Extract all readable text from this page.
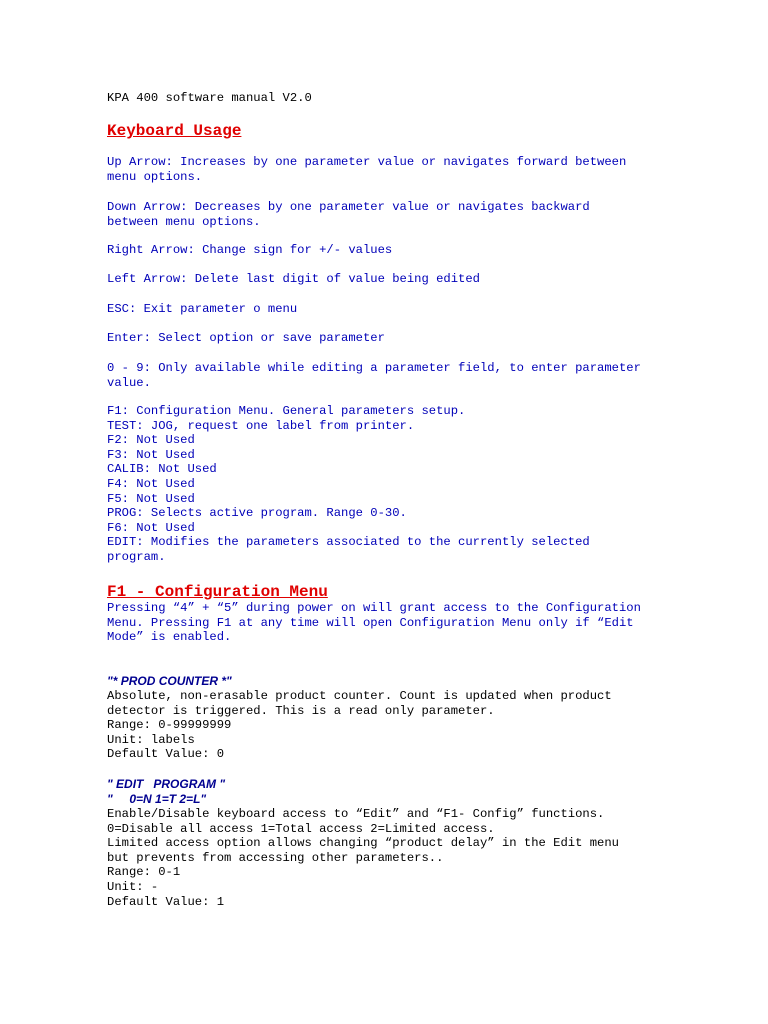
KPA 400 software manual V2.0

Keyboard Usage

Up Arrow: Increases by one parameter value or navigates forward between
menu options.

Down Arrow: Decreases by one parameter value or navigates backward
between menu options.

Right Arrow: Change sign for +/- values

Left Arrow: Delete last digit of value being edited

ESC: Exit parameter o menu

Enter: Select option or save parameter

0 - 9: Only available while editing a parameter field, to enter parameter
value.

F1: Configuration Menu. General parameters setup.
TEST: JOG, request one label from printer.
F2: Not Used
F3: Not Used
CALIB: Not Used
F4: Not Used
F5: Not Used
PROG: Selects active program. Range 0-30.
F6: Not Used
EDIT: Modifies the parameters associated to the currently selected
program.

F1 - Configuration Menu

Pressing “4” + “5” during power on will grant access to the Configuration
Menu. Pressing F1 at any time will open Configuration Menu only if “Edit
Mode” is enabled.

"* PROD COUNTER *"

Absolute, non-erasable product counter. Count is updated when product
detector is triggered. This is a read only parameter.
Range: 0-99999999
Unit: labels
Default Value: 0

" EDIT   PROGRAM "
"     0=N 1=T 2=L"

Enable/Disable keyboard access to “Edit” and “F1- Config” functions.
0=Disable all access 1=Total access 2=Limited access.
Limited access option allows changing “product delay” in the Edit menu
but prevents from accessing other parameters..
Range: 0-1
Unit: -
Default Value: 1
